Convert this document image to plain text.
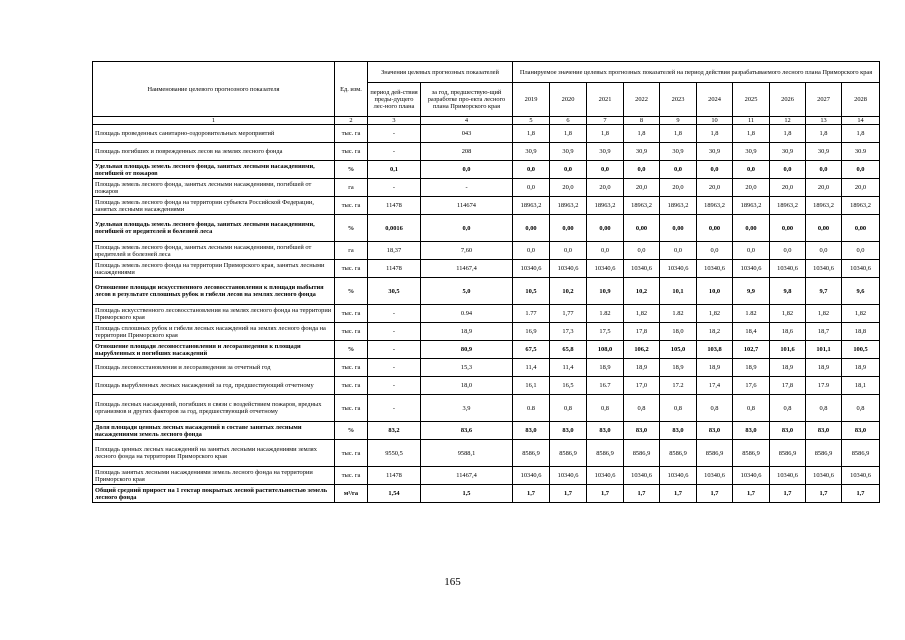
Наименование целевого прогнозного показателя	Ед. изм.	Значения целевых прогнозных показателей		Планируемое значение целевых прогнозных показателей на период действия разрабатываемого лесного плана Приморского края									
		период дей-ствия преды-дущего лес-ного плана	за год, предшествую-щий разработке про-екта лесного плана Приморского края	2019	2020	2021	2022	2023	2024	2025	2026	2027	2028
1	2	3	4	5	6	7	8	9	10	11	12	13	14
Площадь проведенных санитарно-оздоровительных мероприятий	тыс. га	-	043	1,8	1,8	1,8	1,8	1,8	1,8	1,8	1,8	1,8	1,8
Площадь погибших и поврежденных лесов на землях лесного фонда	тыс. га	-	208	30,9	30,9	30,9	30,9	30,9	30,9	30,9	30,9	30,9	30.9
Удельная площадь земель лесного фонда, занятых лесными насаждениями, погибшей от пожаров	%	0,1	0,0	0,0	0,0	0,0	0,0	0,0	0,0	0,0	0,0	0,0	0,0
Площадь земель лесного фонда, занятых лесными насаждениями, погибшей от пожаров	га	-	-	0,0	20,0	20,0	20,0	20,0	20,0	20,0	20,0	20,0	20,0
Площадь земель лесного фонда на территории субъекта Российской Федерации, занятых лесными насаждениями	тыс. га	11478	114674	18963,2	18963,2	18963,2	18963,2	18963,2	18963,2	18963,2	18963,2	18963,2	18963,2
Удельная площадь земель лесного фонда, занятых лесными насаждениями, погибшей от вредителей и болезней леса	%	0,0016	0,0	0,00	0,00	0,00	0,00	0,00	0,00	0,00	0,00	0,00	0,00
Площадь земель лесного фонда, занятых лесными насаждениями, погибшей от вредителей и болезней леса	га	18,37	7,60	0,0	0,0	0,0	0,0	0,0	0,0	0,0	0,0	0,0	0,0
Площадь земель лесного фонда на территории Приморского края, занятых лесными насаждениями	тыс. га	11478	11467,4	10340,6	10340,6	10340,6	10340,6	10340,6	10340,6	10340,6	10340,6	10340,6	10340,6
Отношение площади искусственного лесовосстановления к площади выбытия лесов в результате сплошных рубок и гибели лесов на землях лесного фонда	%	30,5	5,0	10,5	10,2	10,9	10,2	10,1	10,0	9,9	9,8	9,7	9,6
Площадь искусственного лесовосстановления на землях лесного фонда на территории Приморского края	тыс. га	-	0.94	1.77	1,77	1.82	1,82	1.82	1,82	1.82	1,82	1,82	1,82
Площадь сплошных рубок и гибели лесных насаждений на землях лесного фонда на территории Приморского края	тыс. га	-	18,9	16,9	17,3	17,5	17,8	18,0	18,2	18,4	18,6	18,7	18,8
Отношение площади лесовосстановления и лесоразведения к площади вырубленных и погибших насаждений	%	-	80,9	67,5	65,8	108,0	106,2	105,0	103,8	102,7	101,6	101,1	100,5
Площадь лесовосстановления и лесоразведения за отчетный год	тыс. га	-	15,3	11,4	11,4	18,9	18,9	18,9	18,9	18,9	18,9	18,9	18,9
Площадь вырубленных лесных насаждений за год, предшествующий отчетному	тыс. га	-	18,0	16,1	16,5	16.7	17,0	17.2	17,4	17,6	17,8	17.9	18,1
Площадь лесных насаждений, погибших в связи с воздействием пожаров, вредных организмов и других факторов за год, предшествующий отчетному	тыс. га	-	3,9	0.8	0,8	0,8	0,8	0,8	0,8	0,8	0,8	0,8	0,8
Доля площади ценных лесных насаждений в составе занятых лесными насаждениями земель лесного фонда	%	83,2	83,6	83,0	83,0	83,0	83,0	83,0	83,0	83,0	83,0	83,0	83,0
Площадь ценных лесных насаждений на занятых лесными насаждениями землях лесного фонда на территории Приморского края	тыс. га	9550,5	9588,1	8586,9	8586,9	8586,9	8586,9	8586,9	8586,9	8586,9	8586,9	8586,9	8586,9
Площадь занятых лесными насаждениями земель лесного фонда на территории Приморского края	тыс. га	11478	11467,4	10340,6	10340,6	10340,6	10340,6	10340,6	10340,6	10340,6	10340,6	10340,6	10340,6
Общий средний прирост на 1 гектар покрытых лесной растительностью земель лесного фонда	м³/га	1,54	1,5	1,7	1,7	1,7	1,7	1,7	1,7	1,7	1,7	1,7	1,7
165
